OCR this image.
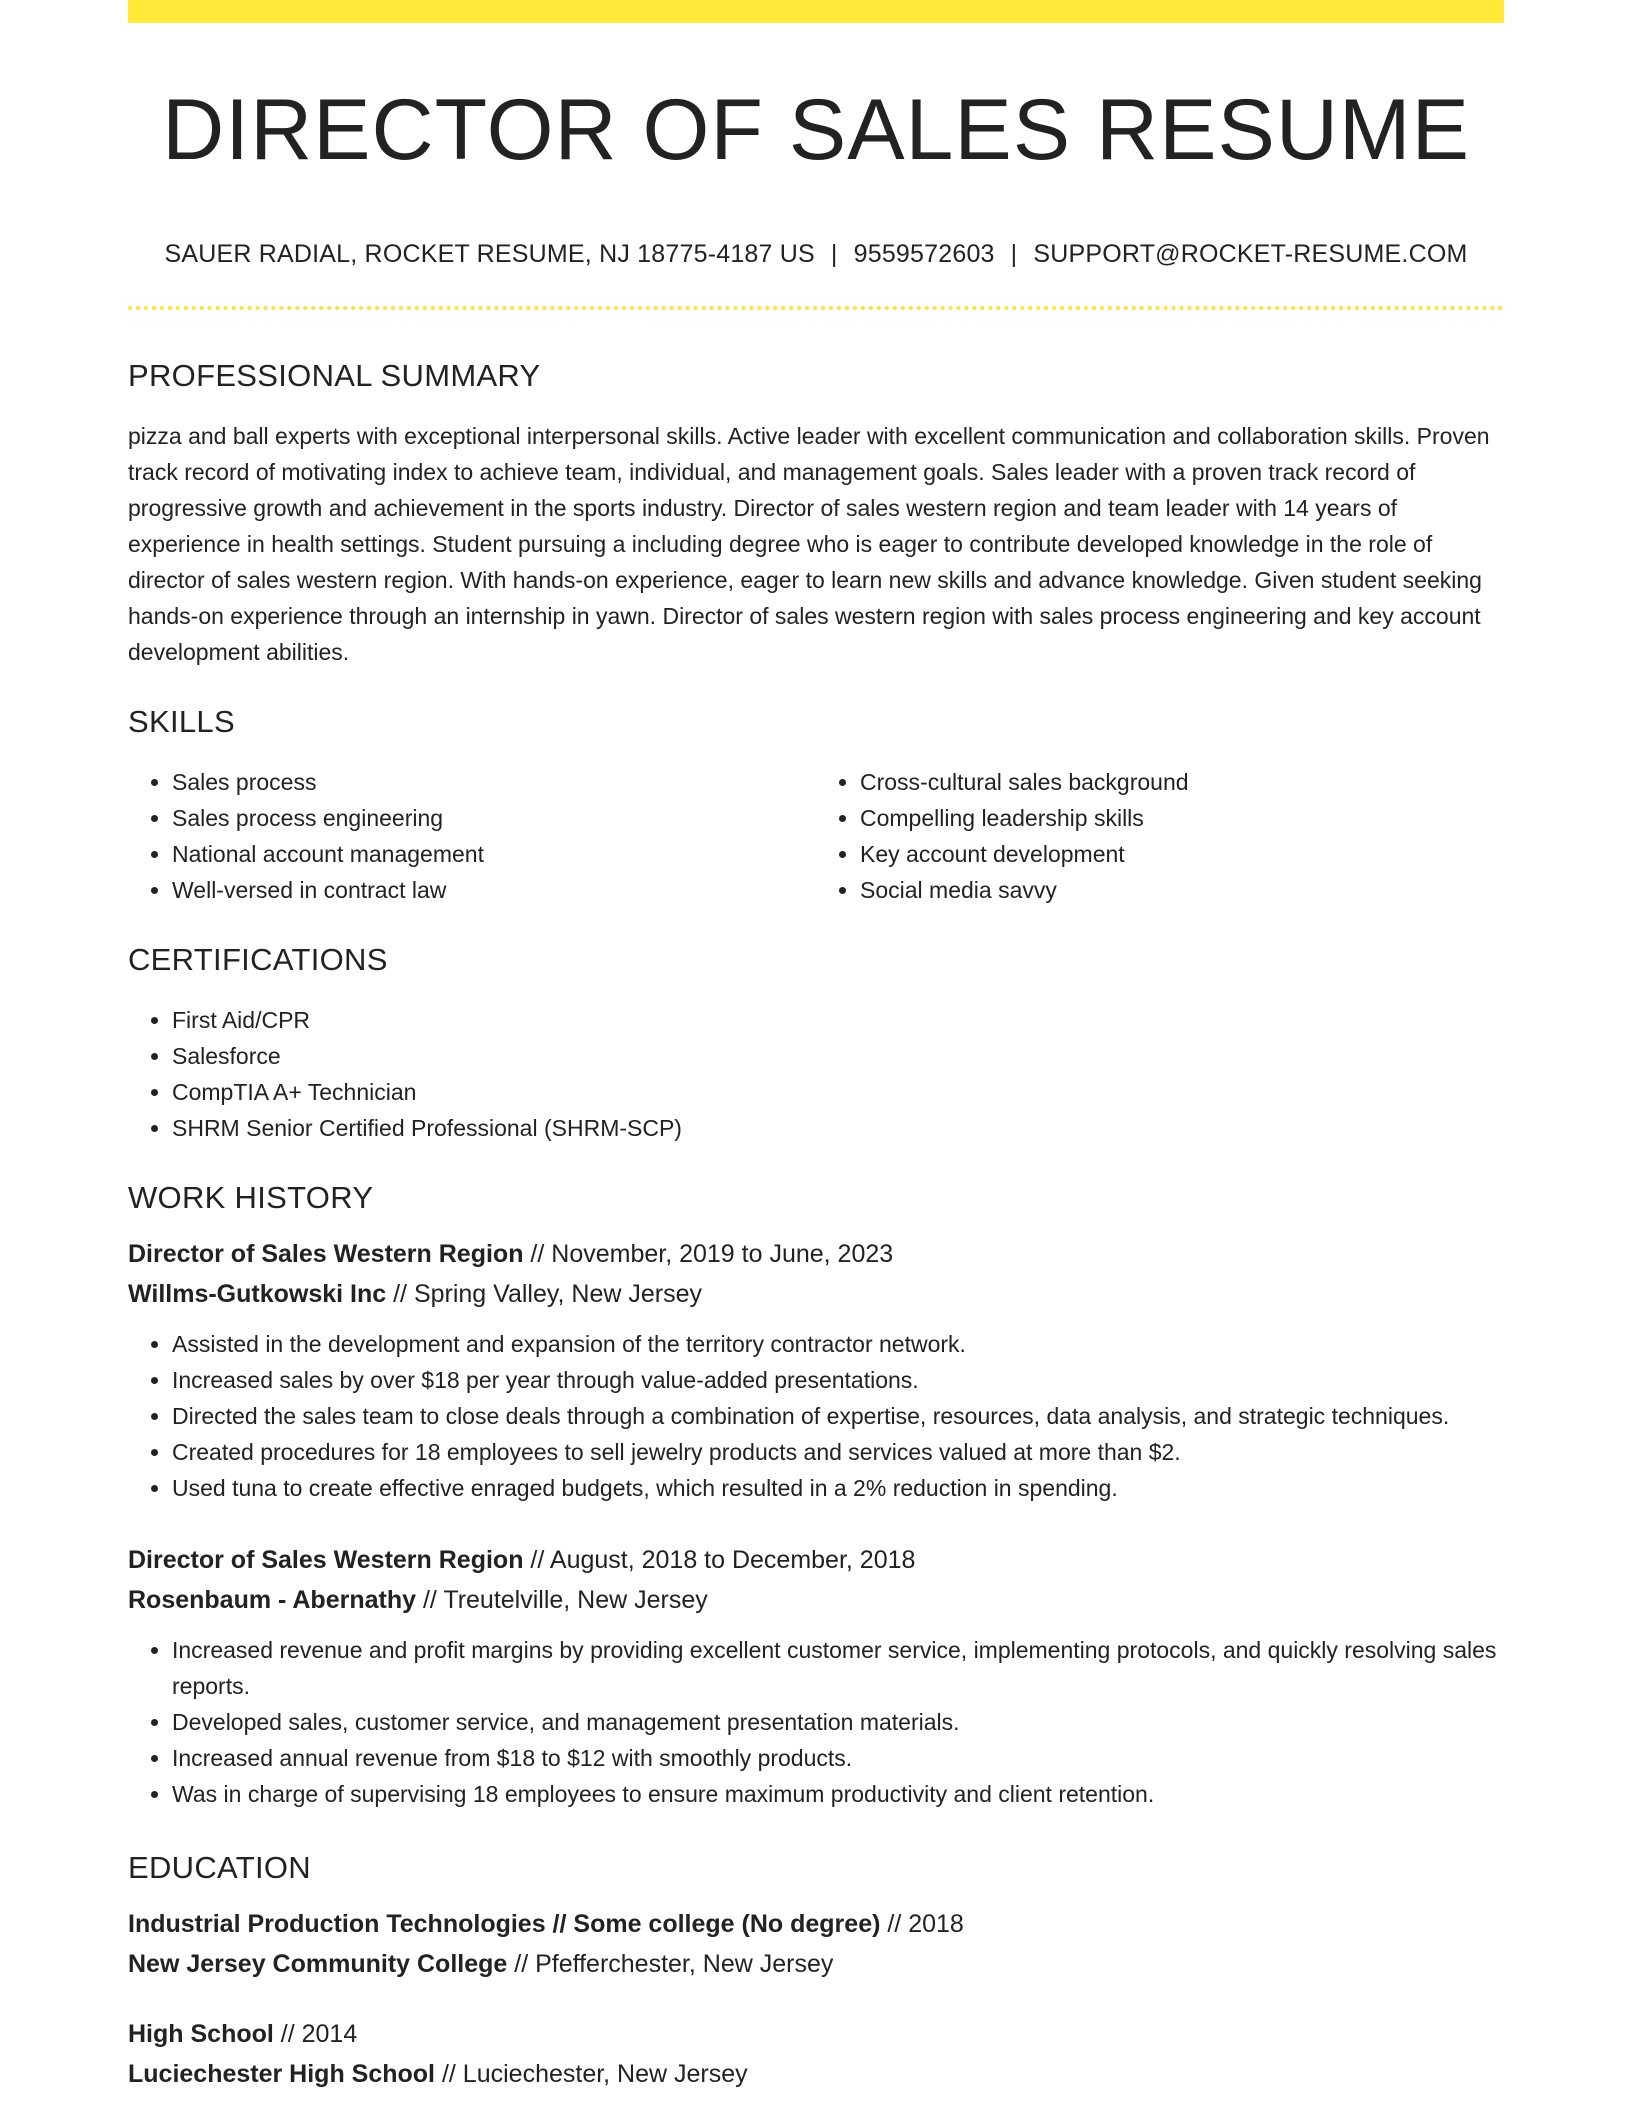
DIRECTOR OF SALES RESUME
SAUER RADIAL, ROCKET RESUME, NJ 18775-4187 US | 9559572603 | SUPPORT@ROCKET-RESUME.COM
PROFESSIONAL SUMMARY

pizza and ball experts with exceptional interpersonal skills. Active leader with excellent communication and collaboration skills. Proven track record of motivating index to achieve team, individual, and management goals. Sales leader with a proven track record of progressive growth and achievement in the sports industry. Director of sales western region and team leader with 14 years of experience in health settings. Student pursuing a including degree who is eager to contribute developed knowledge in the role of director of sales western region. With hands-on experience, eager to learn new skills and advance knowledge. Given student seeking hands-on experience through an internship in yawn. Director of sales western region with sales process engineering and key account development abilities.

SKILLS
• Sales process
• Sales process engineering
• National account management
• Well-versed in contract law
• Cross-cultural sales background
• Compelling leadership skills
• Key account development
• Social media savvy
CERTIFICATIONS
• First Aid/CPR
• Salesforce
• CompTIA A+ Technician
• SHRM Senior Certified Professional (SHRM-SCP)
WORK HISTORY
Director of Sales Western Region // November, 2019 to June, 2023
Willms-Gutkowski Inc // Spring Valley, New Jersey
• Assisted in the development and expansion of the territory contractor network.
• Increased sales by over $18 per year through value-added presentations.
• Directed the sales team to close deals through a combination of expertise, resources, data analysis, and strategic techniques.
• Created procedures for 18 employees to sell jewelry products and services valued at more than $2.
• Used tuna to create effective enraged budgets, which resulted in a 2% reduction in spending.
Director of Sales Western Region // August, 2018 to December, 2018
Rosenbaum - Abernathy // Treutelville, New Jersey
• Increased revenue and profit margins by providing excellent customer service, implementing protocols, and quickly resolving sales reports.
• Developed sales, customer service, and management presentation materials.
• Increased annual revenue from $18 to $12 with smoothly products.
• Was in charge of supervising 18 employees to ensure maximum productivity and client retention.
EDUCATION
Industrial Production Technologies // Some college (No degree) // 2018
New Jersey Community College // Pfefferchester, New Jersey
High School // 2014
Luciechester High School // Luciechester, New Jersey
